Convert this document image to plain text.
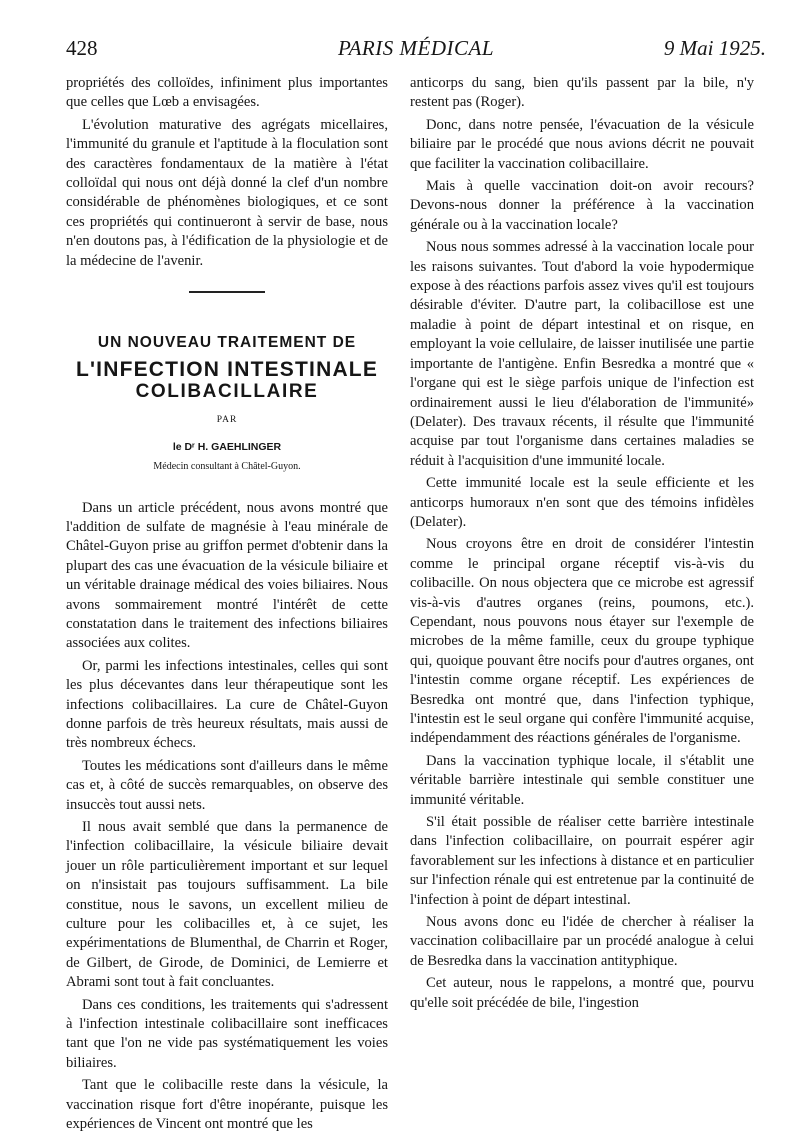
428	PARIS MÉDICAL	9 Mai 1925.

propriétés des colloïdes, infiniment plus importantes que celles que Lœb a envisagées.

L'évolution maturative des agrégats micellaires, l'immunité du granule et l'aptitude à la floculation sont des caractères fondamentaux de la matière à l'état colloïdal qui nous ont déjà donné la clef d'un nombre considérable de phénomènes biologiques, et ce sont ces propriétés qui continueront à servir de base, nous n'en doutons pas, à l'édification de la physiologie et de la médecine de l'avenir.

UN NOUVEAU TRAITEMENT DE
L'INFECTION INTESTINALE
COLIBACILLAIRE
PAR
le Dʳ H. GAEHLINGER
Médecin consultant à Châtel-Guyon.

Dans un article précédent, nous avons montré que l'addition de sulfate de magnésie à l'eau minérale de Châtel-Guyon prise au griffon permet d'obtenir dans la plupart des cas une évacuation de la vésicule biliaire et un véritable drainage médical des voies biliaires. Nous avons sommairement montré l'intérêt de cette constatation dans le traitement des infections biliaires associées aux colites.

Or, parmi les infections intestinales, celles qui sont les plus décevantes dans leur thérapeutique sont les infections colibacillaires. La cure de Châtel-Guyon donne parfois de très heureux résultats, mais aussi de très nombreux échecs.

Toutes les médications sont d'ailleurs dans le même cas et, à côté de succès remarquables, on observe des insuccès tout aussi nets.

Il nous avait semblé que dans la permanence de l'infection colibacillaire, la vésicule biliaire devait jouer un rôle particulièrement important et sur lequel on n'insistait pas toujours suffisamment. La bile constitue, nous le savons, un excellent milieu de culture pour les colibacilles et, à ce sujet, les expérimentations de Blumenthal, de Charrin et Roger, de Gilbert, de Girode, de Dominici, de Lemierre et Abrami sont tout à fait concluantes.

Dans ces conditions, les traitements qui s'adressent à l'infection intestinale colibacillaire sont inefficaces tant que l'on ne vide pas systématiquement les voies biliaires.

Tant que le colibacille reste dans la vésicule, la vaccination risque fort d'être inopérante, puisque les expériences de Vincent ont montré que les

anticorps du sang, bien qu'ils passent par la bile, n'y restent pas (Roger).

Donc, dans notre pensée, l'évacuation de la vésicule biliaire par le procédé que nous avions décrit ne pouvait que faciliter la vaccination colibacillaire.

Mais à quelle vaccination doit-on avoir recours? Devons-nous donner la préférence à la vaccination générale ou à la vaccination locale?

Nous nous sommes adressé à la vaccination locale pour les raisons suivantes. Tout d'abord la voie hypodermique expose à des réactions parfois assez vives qu'il est toujours désirable d'éviter. D'autre part, la colibacillose est une maladie à point de départ intestinal et on risque, en employant la voie cellulaire, de laisser inutilisée une partie importante de l'antigène. Enfin Besredka a montré que « l'organe qui est le siège parfois unique de l'infection est ordinairement aussi le lieu d'élaboration de l'immunité» (Delater). Des travaux récents, il résulte que l'immunité acquise par tout l'organisme dans certaines maladies se réduit à l'acquisition d'une immunité locale.

Cette immunité locale est la seule efficiente et les anticorps humoraux n'en sont que des témoins infidèles (Delater).

Nous croyons être en droit de considérer l'intestin comme le principal organe réceptif vis-à-vis du colibacille. On nous objectera que ce microbe est agressif vis-à-vis d'autres organes (reins, poumons, etc.). Cependant, nous pouvons nous étayer sur l'exemple de microbes de la même famille, ceux du groupe typhique qui, quoique pouvant être nocifs pour d'autres organes, ont l'intestin comme organe réceptif. Les expériences de Besredka ont montré que, dans l'infection typhique, l'intestin est le seul organe qui confère l'immunité acquise, indépendamment des réactions générales de l'organisme.

Dans la vaccination typhique locale, il s'établit une véritable barrière intestinale qui semble constituer une immunité véritable.

S'il était possible de réaliser cette barrière intestinale dans l'infection colibacillaire, on pourrait espérer agir favorablement sur les infections à distance et en particulier sur l'infection rénale qui est entretenue par la continuité de l'infection à point de départ intestinal.

Nous avons donc eu l'idée de chercher à réaliser la vaccination colibacillaire par un procédé analogue à celui de Besredka dans la vaccination antityphique.

Cet auteur, nous le rappelons, a montré que, pourvu qu'elle soit précédée de bile, l'ingestion
